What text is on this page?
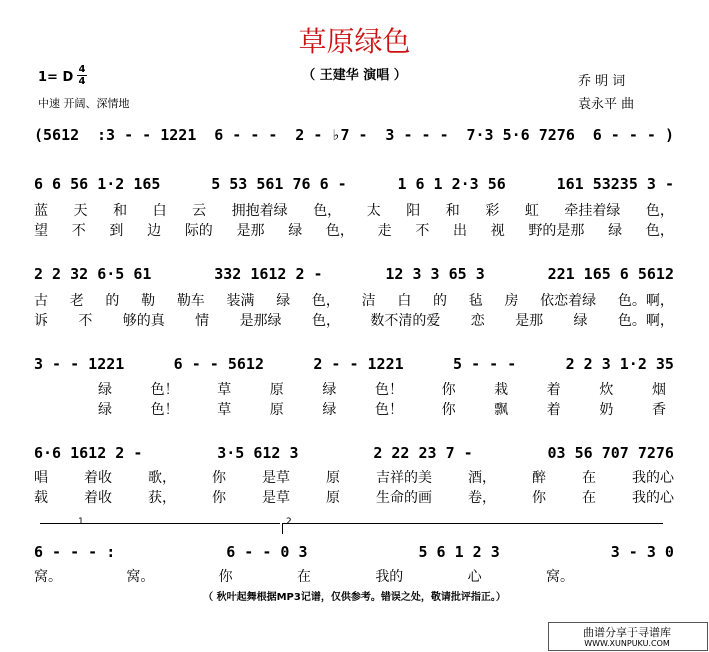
草原绿色
（ 王建华 演唱 ）
1= D
4
4
中速 开阔、深情地
乔 明 词
袁永平 曲
(5612 :3 - - 1221 6 - - - 2 - ♭7 - 3 - - - 7·3 5·6 7276 6 - - - )
6 6 56 1·2 165	5 53 561 76 6 -	1 6 1 2·3 56	161 53235 3 -
蓝 天 和 白 云 拥抱着绿 色， 太 阳 和 彩 虹 牵挂着绿 色，
望 不 到 边 际的 是那 绿 色， 走 不 出 视 野的是那 绿 色，
2 2 32 6·5 61	332 1612 2 -	12 3 3 65 3	221 165 6 5612
古 老 的 勒 勒车 装满 绿 色， 洁 白 的 毡 房 依恋着绿 色。啊，
诉 不 够的真 情 是那绿 色， 数不清的爱 恋 是那 绿 色。啊，
3 - - 1221	6 - - 5612	2 - - 1221	5 - - -	2 2 3 1·2 35
绿	色！	草	原	绿	色！	你	栽	着	炊	烟
绿	色！	草	原	绿	色！	你	飘	着	奶	香
6·6 1612 2 -	3·5 612 3	2 22 23 7 -	03 56 707 7276
唱	着收	歌，	你	是草	原	吉祥的美	酒，	醉	在	我的心
载	着收	获，	你	是草	原	生命的画	卷，	你	在	我的心
1	2
6 - - - :	6 - - 0 3	5 6 1 2 3	3 - 3 0
窝。	窝。	你	在	我的	心	窝。
（ 秋叶起舞根据MP3记谱，仅供参考。错误之处，敬请批评指正。）
曲谱分享于寻谱库
WWW.XUNPUKU.COM
